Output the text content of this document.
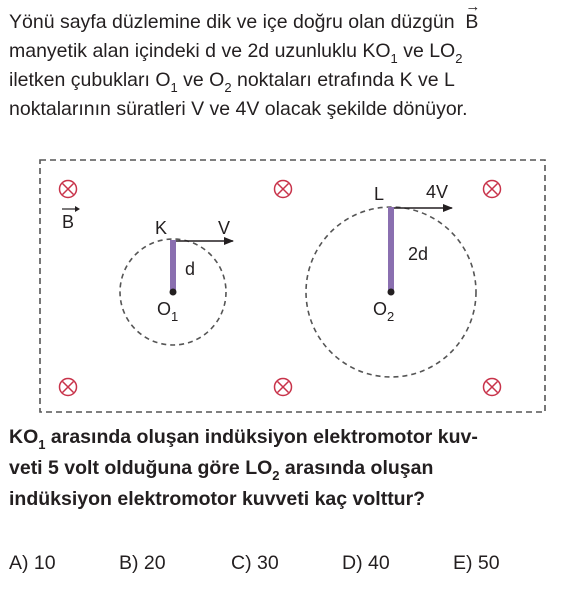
Yönü sayfa düzlemine dik ve içe doğru olan düzgün  → B
manyetik alan içindeki d ve 2d uzunluklu $KO_1$ ve $LO_2$
iletken çubukları $O_1$ ve $O_2$ noktaları etrafında K ve L
noktalarının süratleri V ve 4V olacak şekilde dönüyor.
B	K	V
d
$O_1$
L 4V
2d
$O_2$
$KO_1$ arasında oluşan indüksiyon elektromotor kuv-
veti 5 volt olduğuna göre $LO_2$ arasında oluşan
indüksiyon elektromotor kuvveti kaç volttur?
A) 10	B) 20	C) 30	D) 40	E) 50
